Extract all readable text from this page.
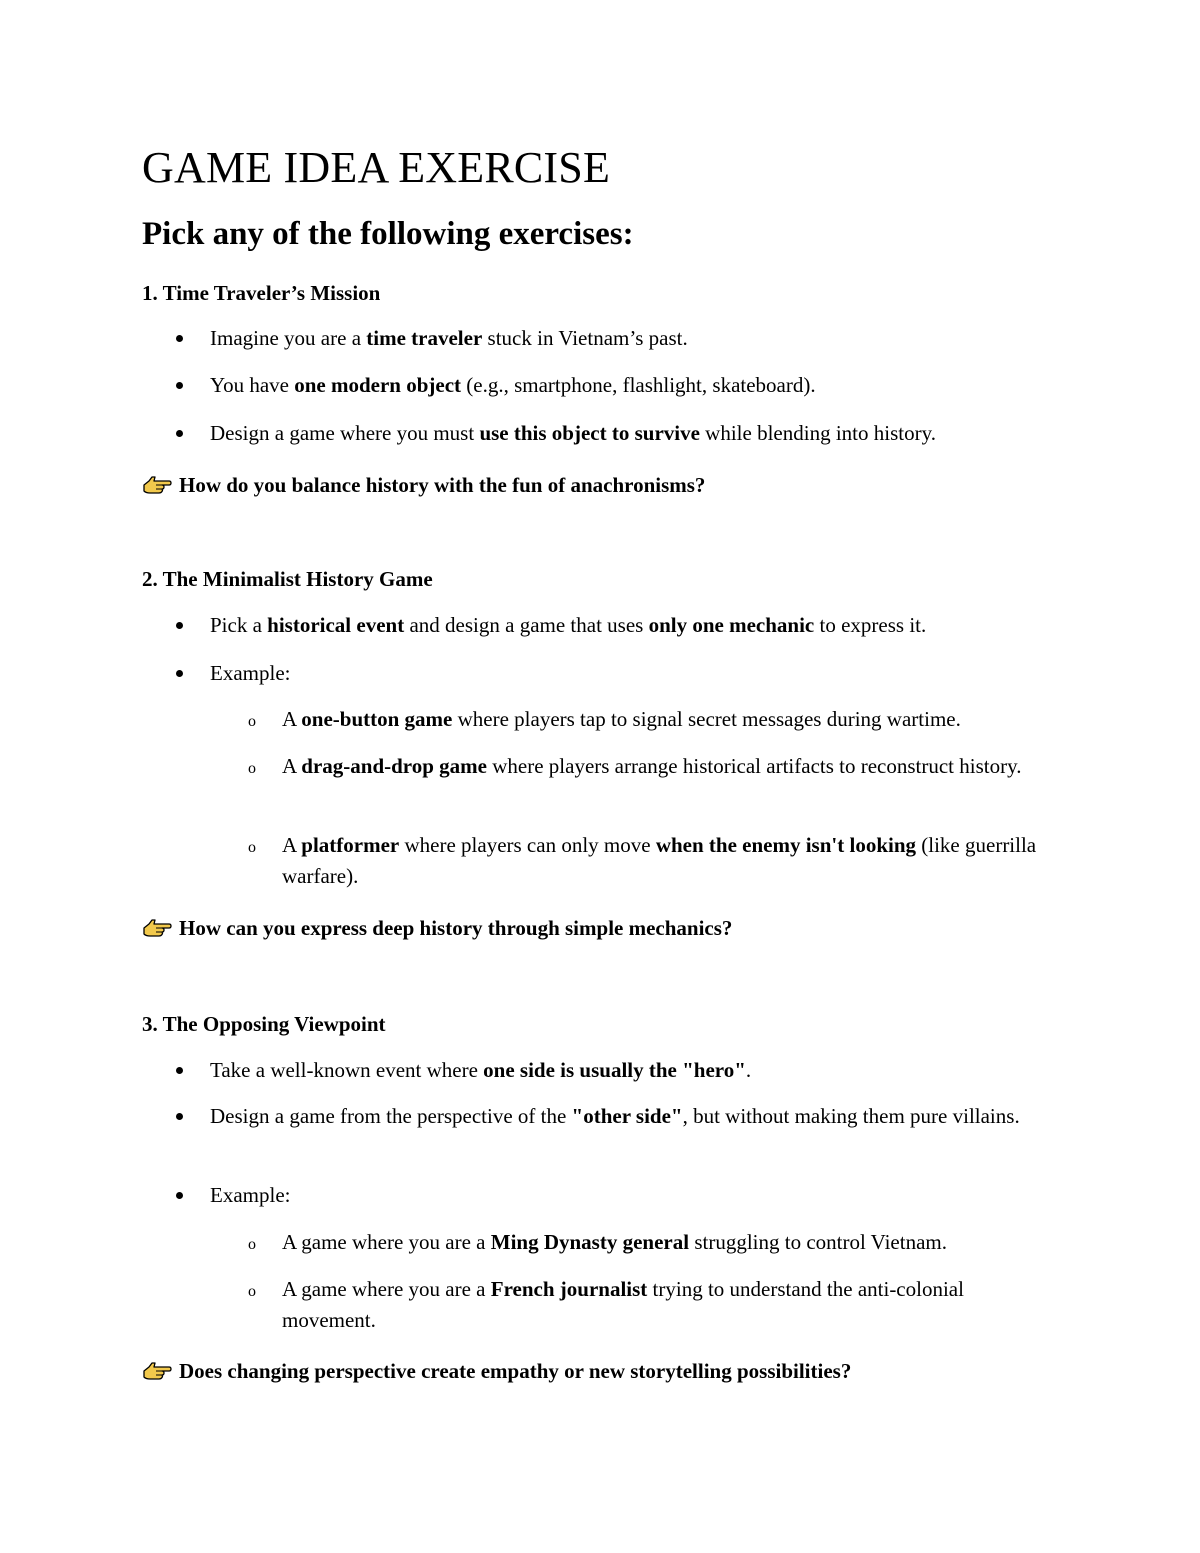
GAME IDEA EXERCISE
Pick any of the following exercises:
1. Time Traveler’s Mission
Imagine you are a time traveler stuck in Vietnam’s past.
You have one modern object (e.g., smartphone, flashlight, skateboard).
Design a game where you must use this object to survive while blending into history.
How do you balance history with the fun of anachronisms?
2. The Minimalist History Game
Pick a historical event and design a game that uses only one mechanic to express it.
Example:
o A one-button game where players tap to signal secret messages during wartime.
o A drag-and-drop game where players arrange historical artifacts to reconstruct history.
o A platformer where players can only move when the enemy isn't looking (like guerrilla warfare).
How can you express deep history through simple mechanics?
3. The Opposing Viewpoint
Take a well-known event where one side is usually the "hero".
Design a game from the perspective of the "other side", but without making them pure villains.
Example:
o A game where you are a Ming Dynasty general struggling to control Vietnam.
o A game where you are a French journalist trying to understand the anti-colonial movement.
Does changing perspective create empathy or new storytelling possibilities?
